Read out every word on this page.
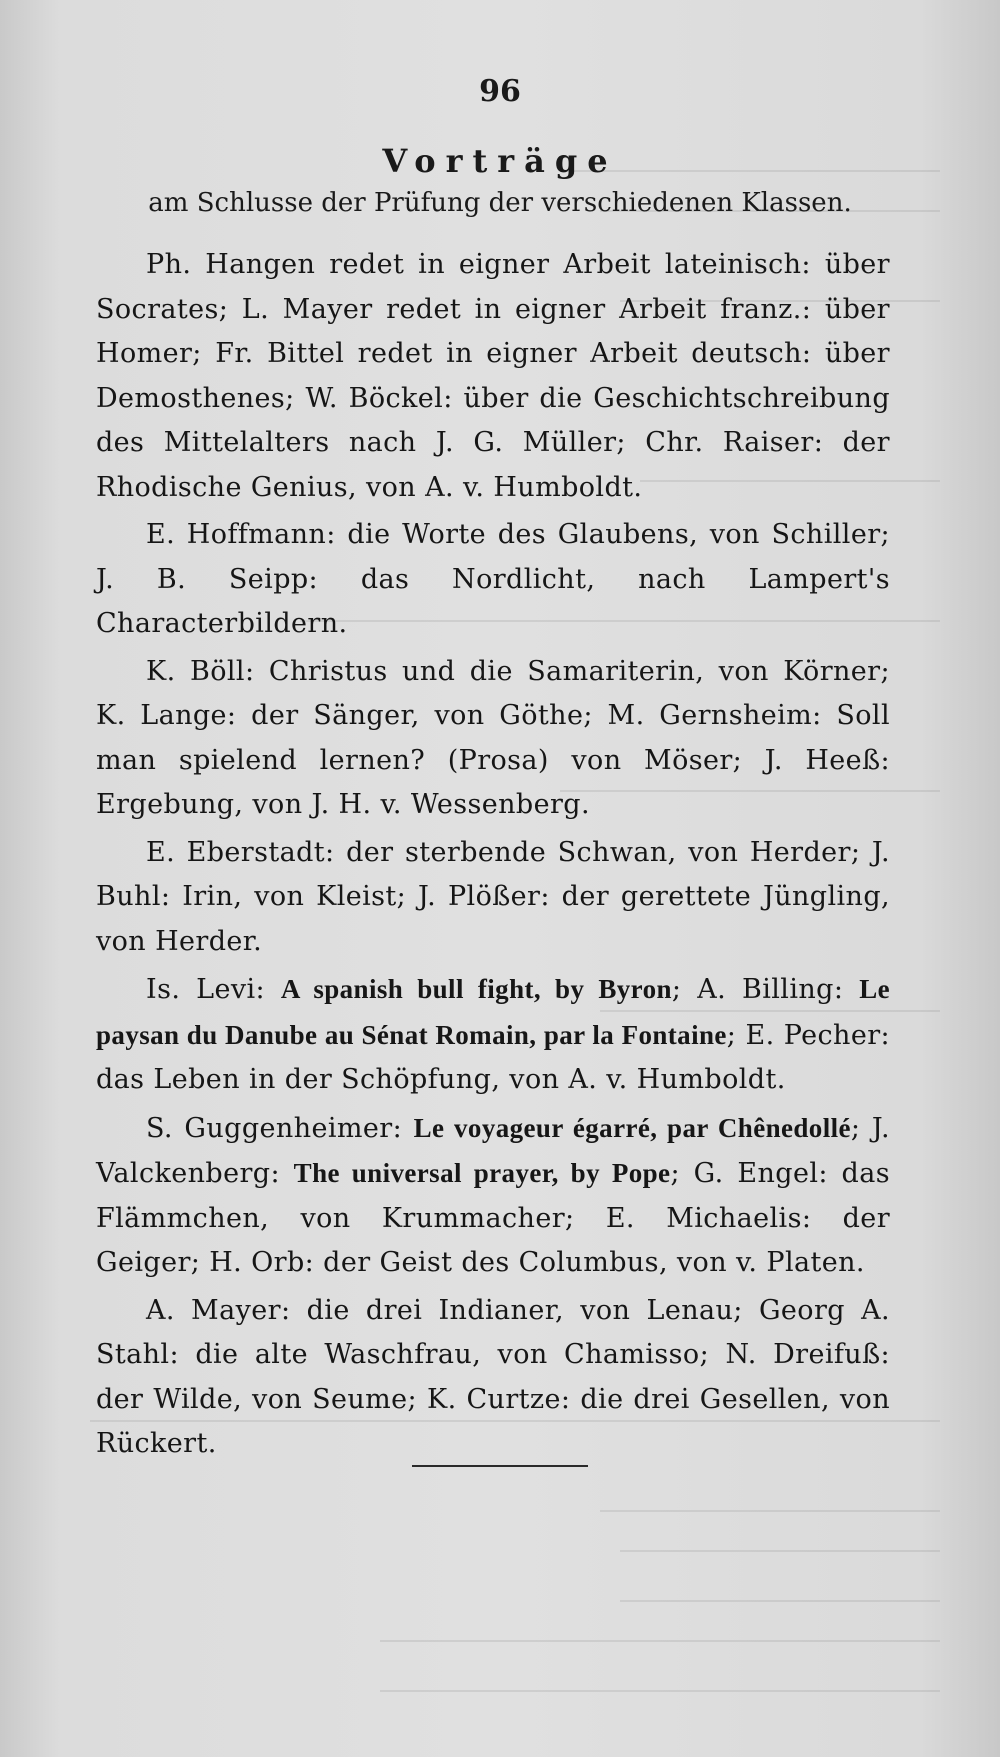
96
Vorträge
am Schlusse der Prüfung der verschiedenen Klassen.

Ph. Hangen redet in eigner Arbeit lateinisch: über Socrates; L. Mayer redet in eigner Arbeit franz.: über Homer; Fr. Bittel redet in eigner Arbeit deutsch: über Demosthenes; W. Böckel: über die Geschichtschreibung des Mittelalters nach J. G. Müller; Chr. Raiser: der Rhodische Genius, von A. v. Humboldt.

E. Hoffmann: die Worte des Glaubens, von Schiller; J. B. Seipp: das Nordlicht, nach Lampert's Characterbildern.

K. Böll: Christus und die Samariterin, von Körner; K. Lange: der Sänger, von Göthe; M. Gernsheim: Soll man spielend lernen? (Prosa) von Möser; J. Heeß: Ergebung, von J. H. v. Wessenberg.

E. Eberstadt: der sterbende Schwan, von Herder; J. Buhl: Irin, von Kleist; J. Plößer: der gerettete Jüngling, von Herder.

Is. Levi: A spanish bull fight, by Byron; A. Billing: Le paysan du Danube au Sénat Romain, par la Fontaine; E. Pecher: das Leben in der Schöpfung, von A. v. Humboldt.

S. Guggenheimer: Le voyageur égarré, par Chênedollé; J. Valckenberg: The universal prayer, by Pope; G. Engel: das Flämmchen, von Krummacher; E. Michaelis: der Geiger; H. Orb: der Geist des Columbus, von v. Platen.

A. Mayer: die drei Indianer, von Lenau; Georg A. Stahl: die alte Waschfrau, von Chamisso; N. Dreifuß: der Wilde, von Seume; K. Curtze: die drei Gesellen, von Rückert.
